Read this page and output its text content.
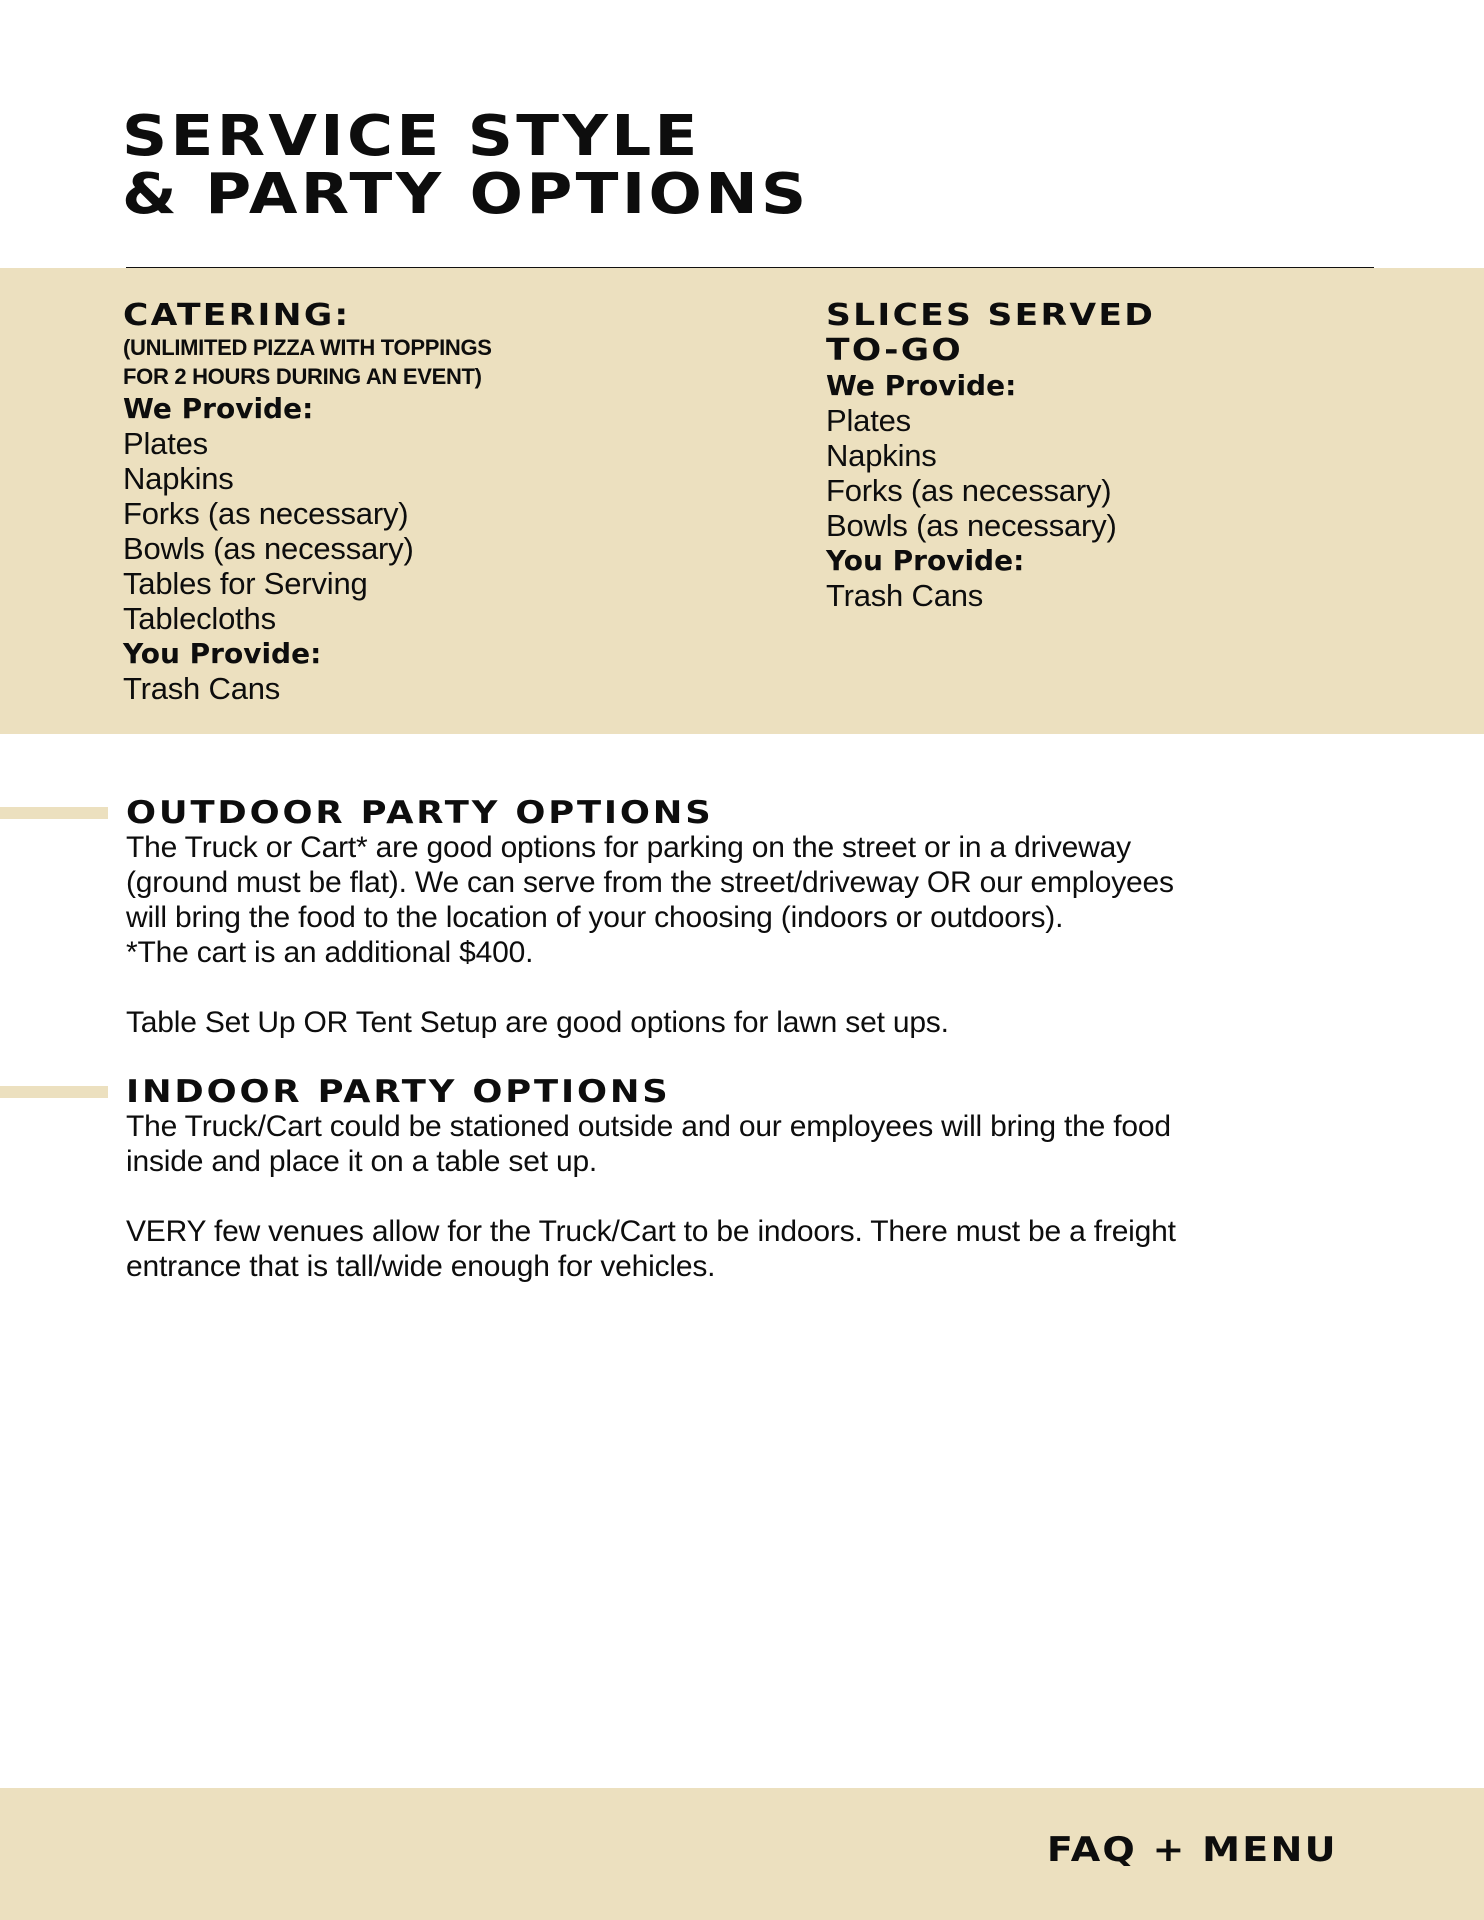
SERVICE STYLE
& PARTY OPTIONS
CATERING:

(UNLIMITED PIZZA WITH TOPPINGS

FOR 2 HOURS DURING AN EVENT)

We Provide:

Plates
Napkins
Forks (as necessary)
Bowls (as necessary)
Tables for Serving
Tablecloths

You Provide:

Trash Cans
SLICES SERVED
TO-GO

We Provide:

Plates
Napkins
Forks (as necessary)
Bowls (as necessary)

You Provide:

Trash Cans
OUTDOOR PARTY OPTIONS

The Truck or Cart* are good options for parking on the street or in a driveway
(ground must be flat). We can serve from the street/driveway OR our employees
will bring the food to the location of your choosing (indoors or outdoors).
*The cart is an additional $400.

Table Set Up OR Tent Setup are good options for lawn set ups.

INDOOR PARTY OPTIONS

The Truck/Cart could be stationed outside and our employees will bring the food
inside and place it on a table set up.

VERY few venues allow for the Truck/Cart to be indoors. There must be a freight
entrance that is tall/wide enough for vehicles.

FAQ + MENU
